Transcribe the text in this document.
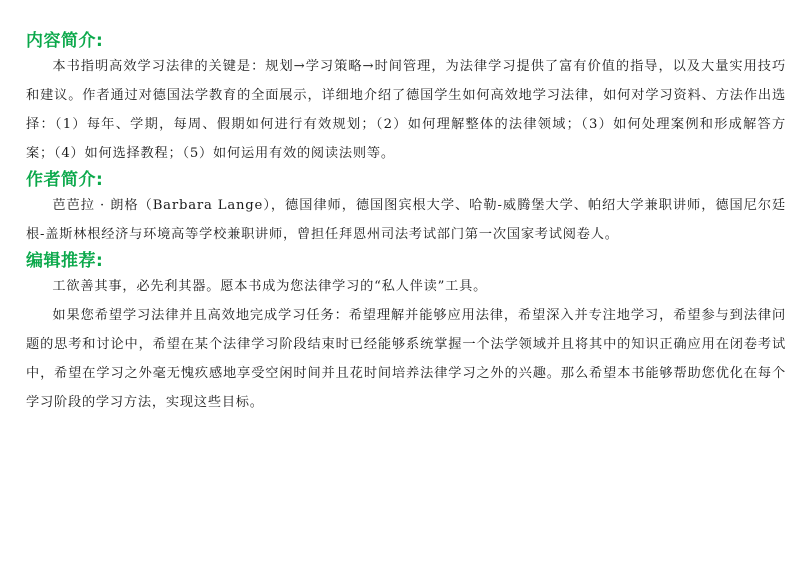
内容简介:

本书指明高效学习法律的关键是：规划→学习策略→时间管理，为法律学习提供了富有价值的指导，以及大量实用技巧和建议。作者通过对德国法学教育的全面展示，详细地介绍了德国学生如何高效地学习法律，如何对学习资料、方法作出选择：（1）每年、学期，每周、假期如何进行有效规划；（2）如何理解整体的法律领域；（3）如何处理案例和形成解答方案；（4）如何选择教程；（5）如何运用有效的阅读法则等。

作者简介:

芭芭拉 · 朗格（Barbara Lange），德国律师，德国图宾根大学、哈勒-威腾堡大学、帕绍大学兼职讲师，德国尼尔廷根-盖斯林根经济与环境高等学校兼职讲师，曾担任拜恩州司法考试部门第一次国家考试阅卷人。

编辑推荐:

工欲善其事，必先利其器。愿本书成为您法律学习的“私人伴读”工具。

如果您希望学习法律并且高效地完成学习任务：希望理解并能够应用法律，希望深入并专注地学习，希望参与到法律问题的思考和讨论中，希望在某个法律学习阶段结束时已经能够系统掌握一个法学领域并且将其中的知识正确应用在闭卷考试中，希望在学习之外毫无愧疚感地享受空闲时间并且花时间培养法律学习之外的兴趣。那么希望本书能够帮助您优化在每个学习阶段的学习方法，实现这些目标。
